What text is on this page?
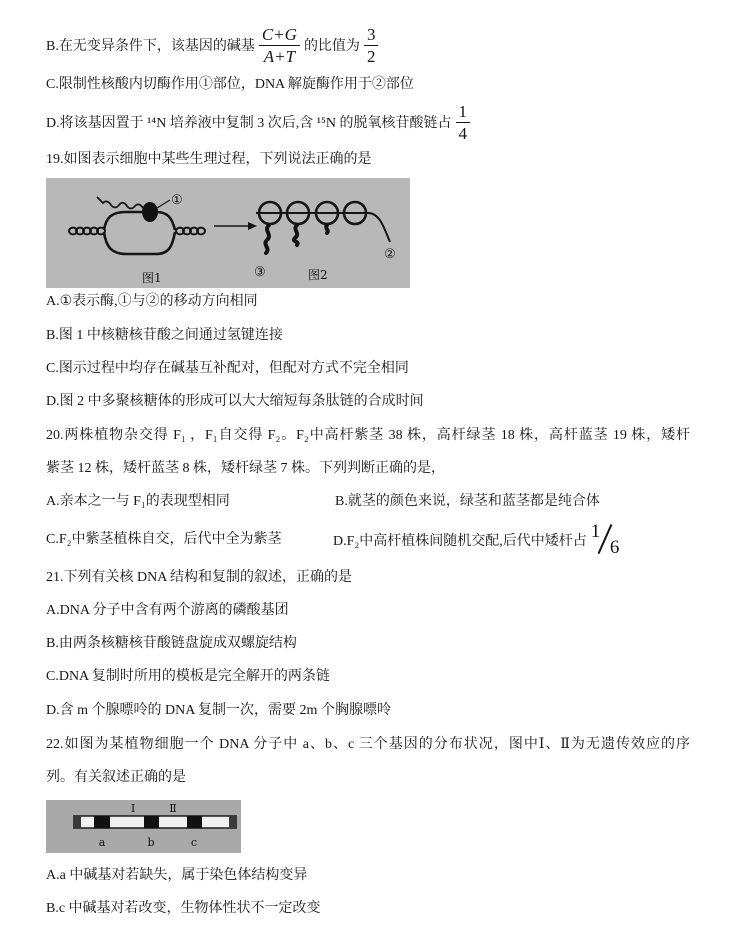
B.在无变异条件下，该基因的碱基 $\frac{C+G}{A+T}$ 的比值为 $\frac{3}{2}$
C.限制性核酸内切酶作用①部位，DNA 解旋酶作用于②部位
D.将该基因置于 ¹⁴N 培养液中复制 3 次后,含 ¹⁵N 的脱氧核苷酸链占 $\frac{1}{4}$
19.如图表示细胞中某些生理过程，下列说法正确的是
①
②
③
图1	图2
A.①表示酶,①与②的移动方向相同
B.图 1 中核糖核苷酸之间通过氢键连接
C.图示过程中均存在碱基互补配对，但配对方式不完全相同
D.图 2 中多聚核糖体的形成可以大大缩短每条肽链的合成时间
20.两株植物杂交得 F₁ ，F₁自交得 F₂。F₂中高杆紫茎 38 株，高杆绿茎 18 株，高杆蓝茎 19 株，矮杆
紫茎 12 株，矮杆蓝茎 8 株，矮杆绿茎 7 株。下列判断正确的是，
A.亲本之一与 F₁的表现型相同	B.就茎的颜色来说，绿茎和蓝茎都是纯合体
C.F₂中紫茎植株自交，后代中全为紫茎	D.F₂中高杆植株间随机交配,后代中矮杆占 1
6
21.下列有关核 DNA 结构和复制的叙述，正确的是
A.DNA 分子中含有两个游离的磷酸基团
B.由两条核糖核苷酸链盘旋成双螺旋结构
C.DNA 复制时所用的模板是完全解开的两条链
D.含 m 个腺嘌呤的 DNA 复制一次，需要 2m 个胸腺嘌呤
22.如图为某植物细胞一个 DNA 分子中 a、b、c 三个基因的分布状况，图中Ⅰ、Ⅱ为无遗传效应的序
列。有关叙述正确的是
Ⅰ	Ⅱ
a	b	c
A.a 中碱基对若缺失，属于染色体结构变异
B.c 中碱基对若改变，生物体性状不一定改变
